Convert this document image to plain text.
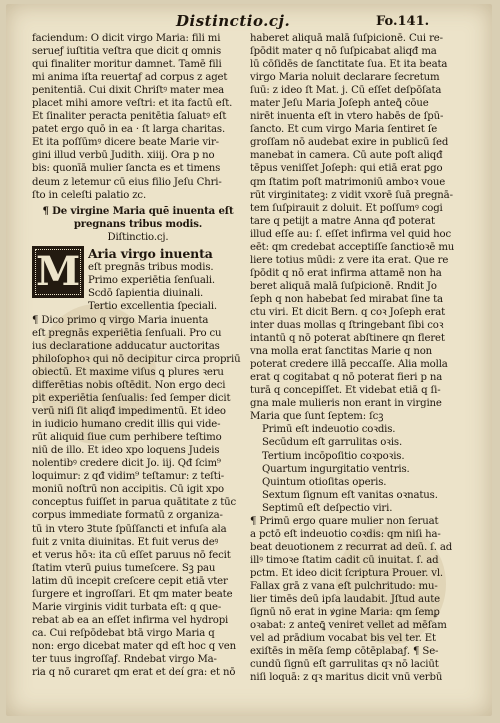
Distinctio.cj.	Fo.141.
faciendum: O dicit virgo Maria: fili mi
serueƒ iuſtitia veſtra que dicit q omnis
qui finaliter moritur damnet. Tamē fili
mi anima iſta reuertaƒ ad corpus z aget
penitentiā. Cui dixit Chriſtꝰ mater mea
placet mihi amore veſtri: et ita factū eſt.
Et ſinaliter peracta penitētia ſaluatꝰ eſt
patet ergo quō in ea · ſt larga charitas.
Et ita poſſūmꝰ dicere beate Marie vir-
gini illud verbū Judith. xiiij. Ora p no
bis: quonīā mulier ſancta es et timens
deum z letemur cū eius filio Jeſu Chri-
ſto in celeſti palatio zc.
¶ De virgine Maria quē inuenta eſt
pregnans tribus modis.
Diſtinctio.cj.
M Aria virgo inuenta
eſt pregnās tribus modis.
Primo experiētia ſenſuali.
Scdō ſapientia diuinali.
Tertio excellentia ſpeciali.
¶ Dico primo q virgo Maria inuenta
eſt pregnās experiētia ſenſuali. Pro cu
ius declaratione adducatur auctoritas
philoſophoꝛ qui nō decipitur circa propriū
obiectū. Et maxime viſus ꝗ plures ꝛeru
differētias nobis oſtēdit. Non ergo deci
pit experiētia ſenſualis: ſed ſemper dicit
verū niſi ſit aliqđ impedimentū. Et ideo
in iudicio humano credit illis qui vide-
rūt aliquid ſiue cum perhibere teſtimo
niū de illo. Et ideo xpo loquens Judeis
nolentibꝰ credere dicit Jo. iij. Qđ ſcim⁹
loquimur: z qđ vidim⁹ teſtamur: z teſti-
moniū noſtrū non accipitis. Cū igit xpo
conceptus fuiſſet in parua quātitate z tūc
corpus immediate formatū z organiza-
tū in vtero Ꝫtute ſpūſſancti et infuſa ala
fuit z vnita diuinitas. Et fuit verus deꝰ
et verus hōꝛ: ita cū eſſet paruus nō fecit
ſtatim vterū ꝑuius tumeſcere. Sꝫ pau
latim dū incepit creſcere cepit etiā vter
ſurgere et ingroſſari. Et qm mater beate
Marie virginis vidit turbata eſt: q que-
rebat ab ea an eſſet infirma vel hydropi
ca. Cui reſpōdebat btā virgo Maria q
non: ergo dicebat mater qd eſt hoc q ven
ter tuus ingroſſaƒ. Rndebat virgo Ma-
ria q nō curaret qm erat et deí gra: et nō
haberet aliquā malā ſuſpicionē. Cui re-
ſpōdit mater q nō ſuſpicabat aliqđ ma
lū cōſidēs de ſanctitate ſua. Et ita beata
virgo Maria noluit declarare ſecretum
ſuū: z ideo ſt Mat. j. Cū eſſet deſpōſata
mater Jeſu Maria Joſeph anteꝗ̄ cōue
nirēt inuenta eſt in vtero habēs de ſpū-
ſancto. Et cum virgo Maria ſentiret ſe
groſſam nō audebat exire in publicū ſed
manebat in camera. Cū aute poſt aliqđ
tēpus veniſſet Joſeph: qui etiā erat ꝑgo
qm ſtatim poſt matrimoniū amboꝛ voue
rūt virginitateꝫ: z vidit vxorē ſuā pregnā-
tem ſuſpirauit z doluit. Et poſſumꝰ cogi
tare q petijt a matre Anna qđ poterat
illud eſſe au: ſ. eſſet infirma vel quid hoc
eēt: qm credebat acceptiſſe ſanctioꝛē mu
liere totius mūdi: z vere ita erat. Que re
ſpōdit q nō erat infirma attamē non ha
beret aliquā malā ſuſpicionē. Rndit Jo
ſeph q non habebat ſed mirabat ſine ta
ctu viri. Et dicit Bern. q coꝛ Joſeph erat
inter duas mollas q ſtringebant ſibi coꝛ
intantū q nō poterat abſtinere qn fleret
vna molla erat ſanctitas Marie q non
poterat credere illā peccaſſe. Alia molla
erat q cogitabat q nō poterat fieri p na
turā q concepiſſet. Et videbat etiā q ſi-
gna male mulieris non erant in virgine
Maria que ſunt ſeptem: ſcꝫ
Primū eſt indeuotio coꝛdis.
Secūdum eſt garrulitas oꝛis.
Tertium incōpoſitio coꝛpoꝛis.
Quartum ingurgitatio ventris.
Quintum otioſitas operis.
Sextum ſignum eſt vanitas oꝛnatus.
Septimū eſt deſpectio viri.
¶ Primū ergo quare mulier non ſeruat
a pctō eſt indeuotio coꝛdis: qm niſi ha-
beat deuotionem z recurrat ad deū. ſ. ad
illꝰ timoꝛe ſtatim cadit cū inuitat. ſ. ad
pctm. Et ideo dicit ſcriptura Prouer. vl.
Fallax grā z vana eſt pulchritudo: mu-
lier timēs deū ipſa laudabit. Jſtud aute
ſignū nō erat in ꝟgine Maria: qm ſemꝑ
oꝛabat: z anteꝗ̄ veniret vellet ad mēſam
vel ad prādium vocabat bis vel ter. Et
exiſtēs in mēſa ſemꝑ cōtēplabaƒ. ¶ Se-
cundū ſignū eſt garrulitas qꝛ nō laciūt
niſi loquā: z qꝛ maritus dicit vnū verbū
